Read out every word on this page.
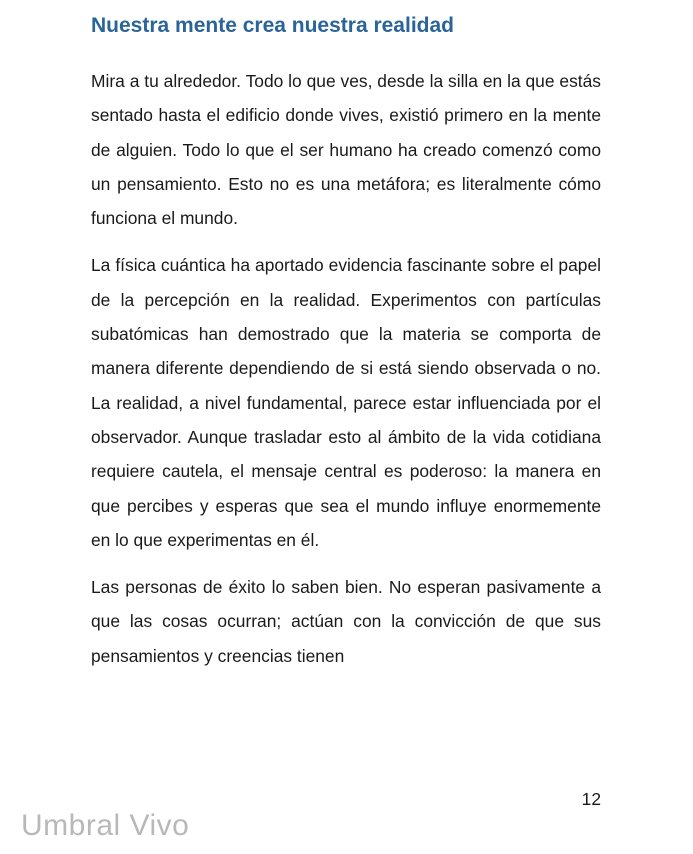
Nuestra mente crea nuestra realidad

Mira a tu alrededor. Todo lo que ves, desde la silla en la que estás sentado hasta el edificio donde vives, existió primero en la mente de alguien. Todo lo que el ser humano ha creado comenzó como un pensamiento. Esto no es una metáfora; es literalmente cómo funciona el mundo.

La física cuántica ha aportado evidencia fascinante sobre el papel de la percepción en la realidad. Experimentos con partículas subatómicas han demostrado que la materia se comporta de manera diferente dependiendo de si está siendo observada o no. La realidad, a nivel fundamental, parece estar influenciada por el observador. Aunque trasladar esto al ámbito de la vida cotidiana requiere cautela, el mensaje central es poderoso: la manera en que percibes y esperas que sea el mundo influye enormemente en lo que experimentas en él.

Las personas de éxito lo saben bien. No esperan pasivamente a que las cosas ocurran; actúan con la convicción de que sus pensamientos y creencias tienen

12
Umbral Vivo
